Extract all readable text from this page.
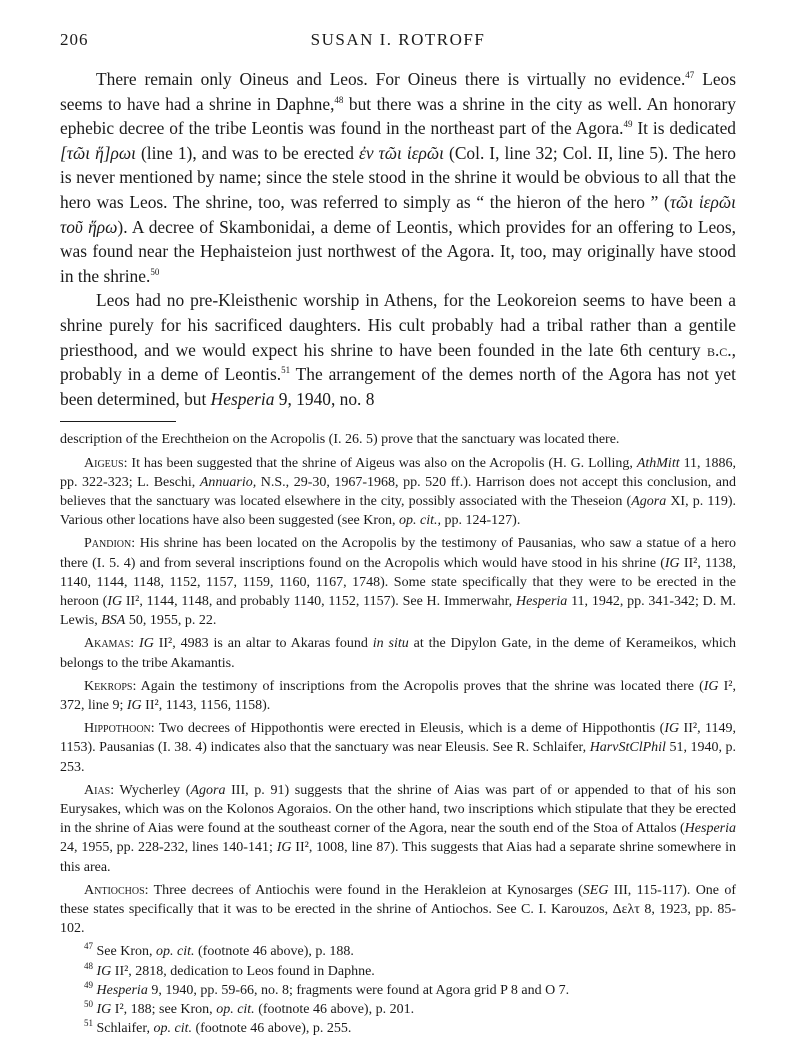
206	SUSAN I. ROTROFF

There remain only Oineus and Leos. For Oineus there is virtually no evidence.$^{47}$ Leos seems to have had a shrine in Daphne,$^{48}$ but there was a shrine in the city as well. An honorary ephebic decree of the tribe Leontis was found in the northeast part of the Agora.$^{49}$ It is dedicated [τῶι ἥ]ρωι (line 1), and was to be erected ἐν τῶι ἱερῶι (Col. I, line 32; Col. II, line 5). The hero is never mentioned by name; since the stele stood in the shrine it would be obvious to all that the hero was Leos. The shrine, too, was referred to simply as “ the hieron of the hero ” (τῶι ἱερῶι τοῦ ἥρω). A decree of Skambonidai, a deme of Leontis, which provides for an offering to Leos, was found near the Hephaisteion just northwest of the Agora. It, too, may originally have stood in the shrine.$^{50}$

Leos had no pre-Kleisthenic worship in Athens, for the Leokoreion seems to have been a shrine purely for his sacrificed daughters. His cult probably had a tribal rather than a gentile priesthood, and we would expect his shrine to have been founded in the late 6th century b.c., probably in a deme of Leontis.$^{51}$ The arrangement of the demes north of the Agora has not yet been determined, but Hesperia 9, 1940, no. 8

description of the Erechtheion on the Acropolis (I. 26. 5) prove that the sanctuary was located there.

Aigeus: It has been suggested that the shrine of Aigeus was also on the Acropolis (H. G. Lolling, AthMitt 11, 1886, pp. 322-323; L. Beschi, Annuario, N.S., 29-30, 1967-1968, pp. 520 ff.). Harrison does not accept this conclusion, and believes that the sanctuary was located elsewhere in the city, possibly associated with the Theseion (Agora XI, p. 119). Various other locations have also been suggested (see Kron, op. cit., pp. 124-127).

Pandion: His shrine has been located on the Acropolis by the testimony of Pausanias, who saw a statue of a hero there (I. 5. 4) and from several inscriptions found on the Acropolis which would have stood in his shrine (IG II², 1138, 1140, 1144, 1148, 1152, 1157, 1159, 1160, 1167, 1748). Some state specifically that they were to be erected in the heroon (IG II², 1144, 1148, and probably 1140, 1152, 1157). See H. Immerwahr, Hesperia 11, 1942, pp. 341-342; D. M. Lewis, BSA 50, 1955, p. 22.

Akamas: IG II², 4983 is an altar to Akaras found in situ at the Dipylon Gate, in the deme of Kerameikos, which belongs to the tribe Akamantis.

Kekrops: Again the testimony of inscriptions from the Acropolis proves that the shrine was located there (IG I², 372, line 9; IG II², 1143, 1156, 1158).

Hippothoon: Two decrees of Hippothontis were erected in Eleusis, which is a deme of Hippothontis (IG II², 1149, 1153). Pausanias (I. 38. 4) indicates also that the sanctuary was near Eleusis. See R. Schlaifer, HarvStClPhil 51, 1940, p. 253.

Aias: Wycherley (Agora III, p. 91) suggests that the shrine of Aias was part of or appended to that of his son Eurysakes, which was on the Kolonos Agoraios. On the other hand, two inscriptions which stipulate that they be erected in the shrine of Aias were found at the southeast corner of the Agora, near the south end of the Stoa of Attalos (Hesperia 24, 1955, pp. 228-232, lines 140-141; IG II², 1008, line 87). This suggests that Aias had a separate shrine somewhere in this area.

Antiochos: Three decrees of Antiochis were found in the Herakleion at Kynosarges (SEG III, 115-117). One of these states specifically that it was to be erected in the shrine of Antiochos. See C. I. Karouzos, Δελτ 8, 1923, pp. 85-102.

$^{47}$ See Kron, op. cit. (footnote 46 above), p. 188.

$^{48}$ IG II², 2818, dedication to Leos found in Daphne.

$^{49}$ Hesperia 9, 1940, pp. 59-66, no. 8; fragments were found at Agora grid P 8 and O 7.

$^{50}$ IG I², 188; see Kron, op. cit. (footnote 46 above), p. 201.

$^{51}$ Schlaifer, op. cit. (footnote 46 above), p. 255.
